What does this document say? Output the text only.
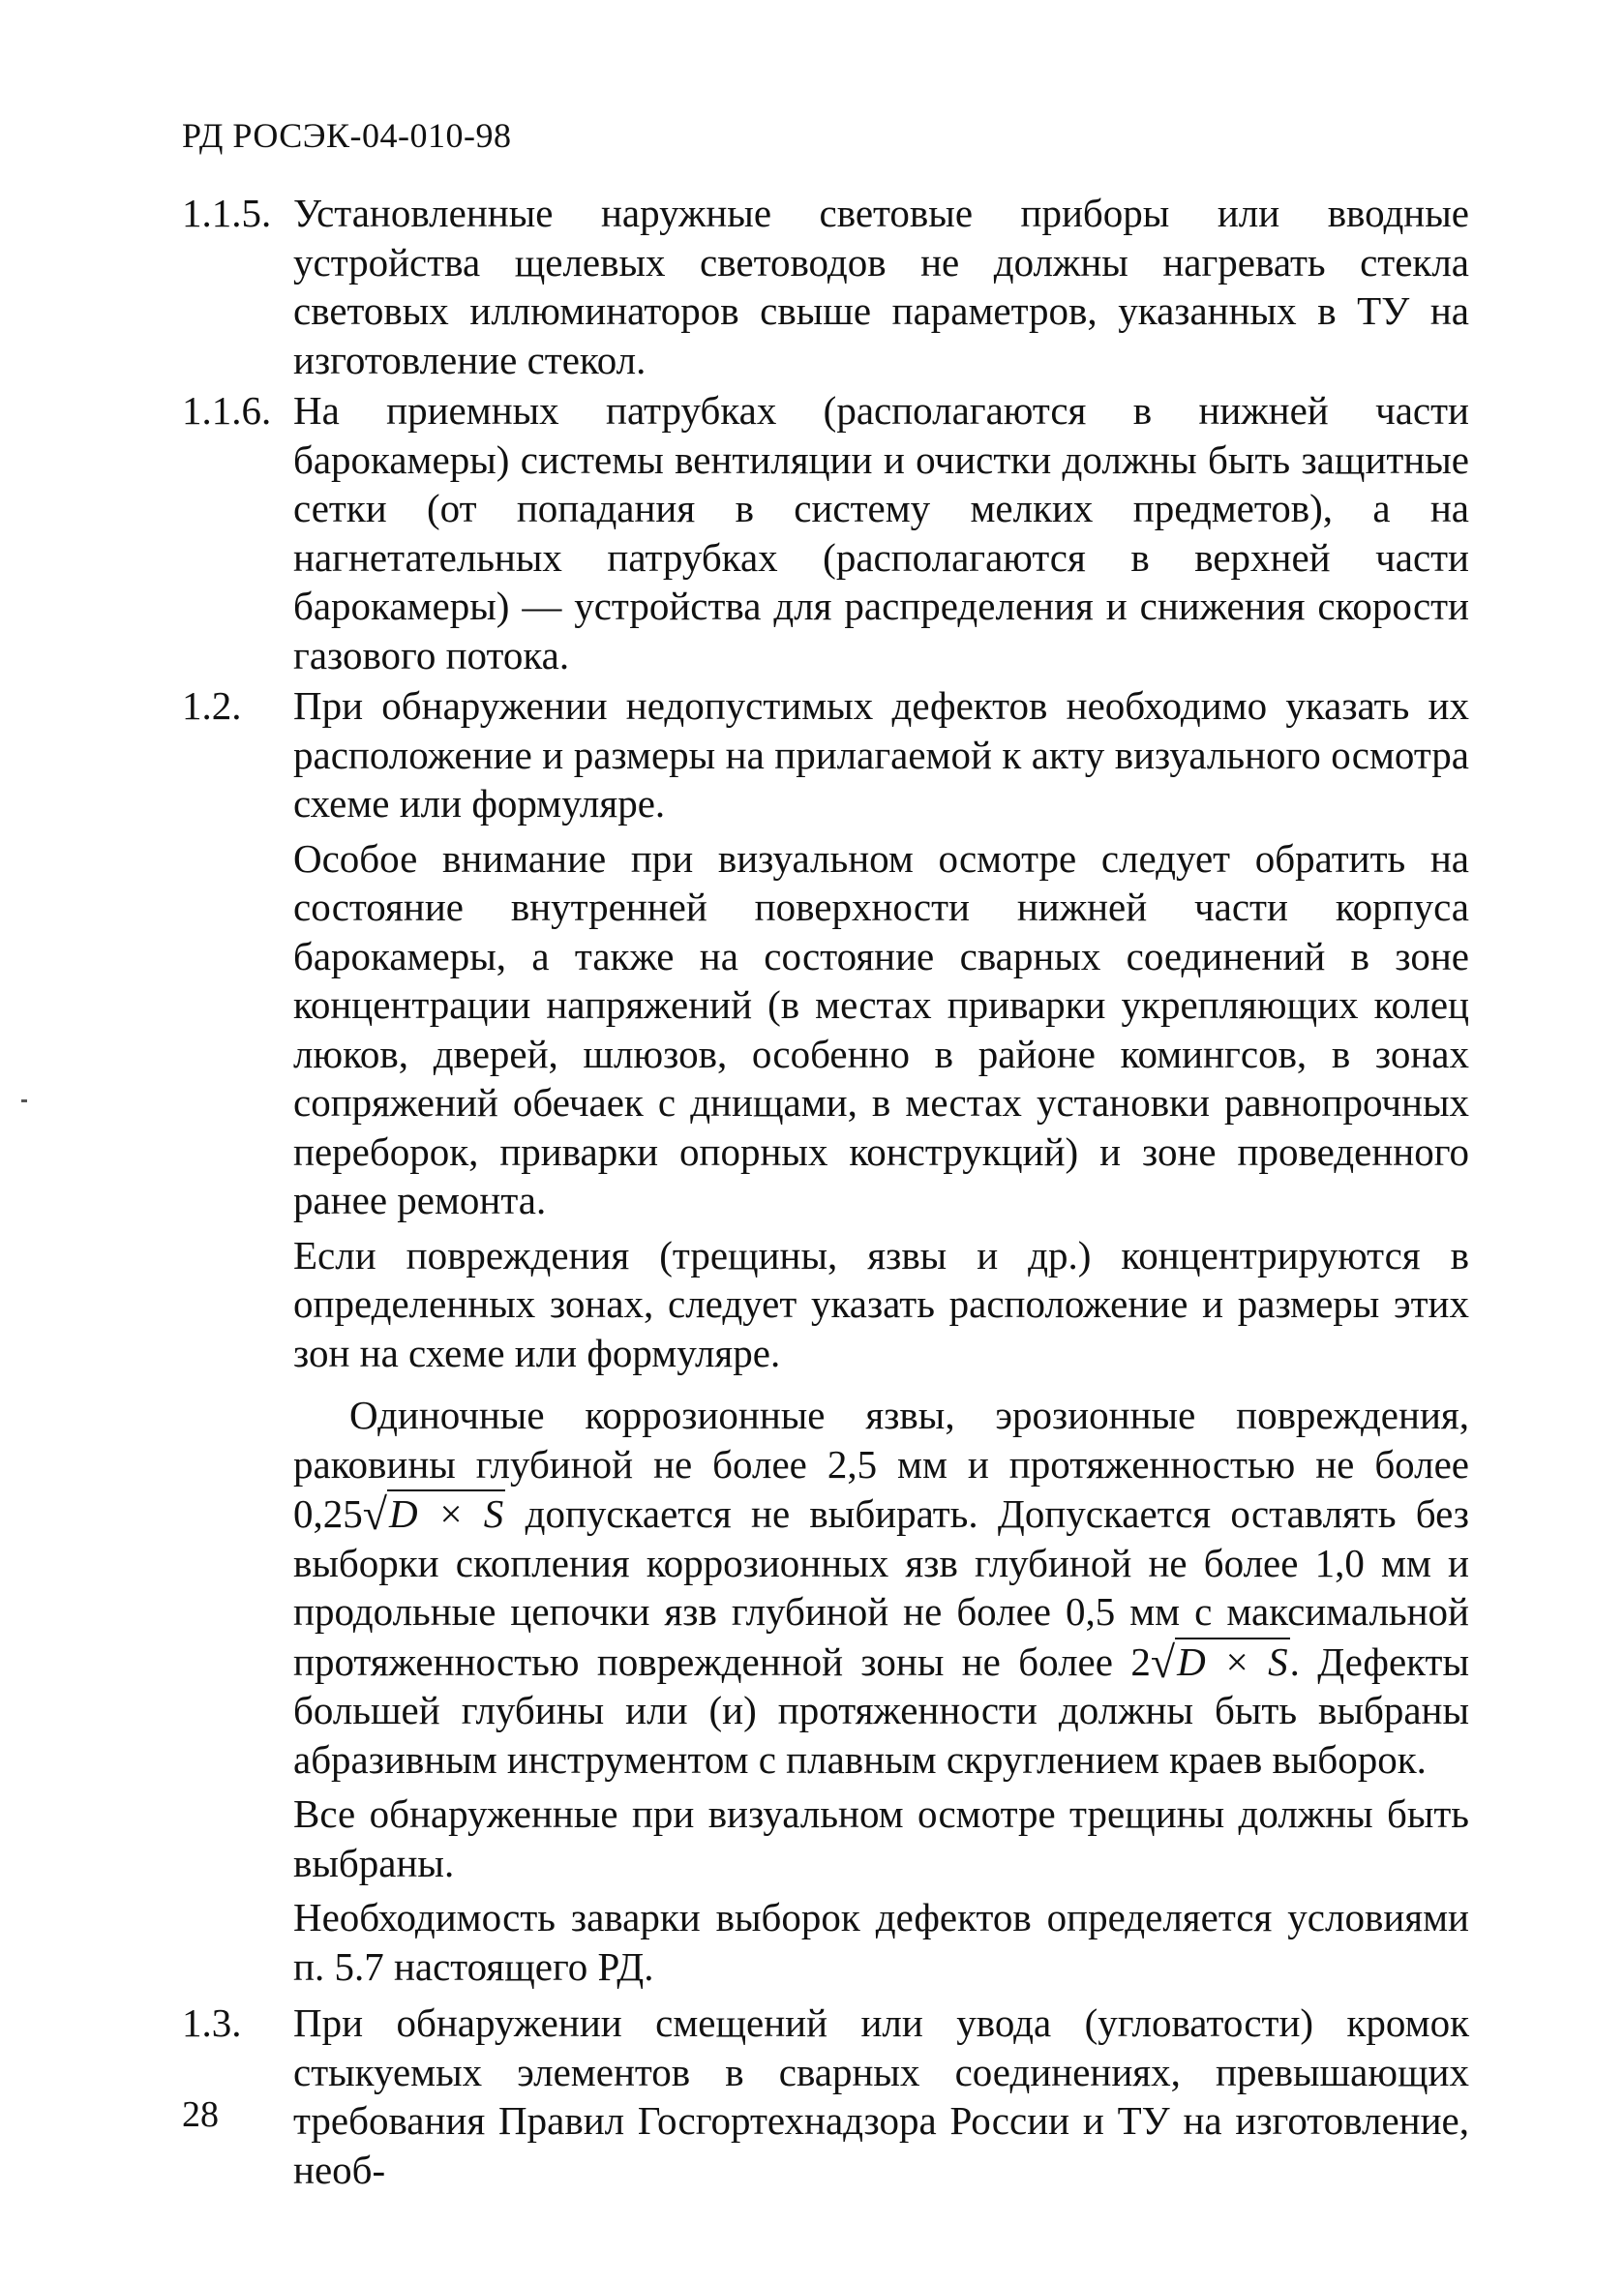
РД РОСЭК-04-010-98
1.1.5. Установленные наружные световые приборы или вводные устройства щелевых световодов не должны нагревать стекла световых иллюминаторов свыше параметров, указанных в ТУ на изготовление стекол.
1.1.6. На приемных патрубках (располагаются в нижней части барокамеры) системы вентиляции и очистки должны быть защитные сетки (от попадания в систему мелких предметов), а на нагнетательных патрубках (располагаются в верхней части барокамеры) — устройства для распределения и снижения скорости газового потока.
1.2. При обнаружении недопустимых дефектов необходимо указать их расположение и размеры на прилагаемой к акту визуального осмотра схеме или формуляре.

Особое внимание при визуальном осмотре следует обратить на состояние внутренней поверхности нижней части корпуса барокамеры, а также на состояние сварных соединений в зоне концентрации напряжений (в местах приварки укрепляющих колец люков, дверей, шлюзов, особенно в районе комингсов, в зонах сопряжений обечаек с днищами, в местах установки равнопрочных переборок, приварки опорных конструкций) и зоне проведенного ранее ремонта.

Если повреждения (трещины, язвы и др.) концентрируются в определенных зонах, следует указать расположение и размеры этих зон на схеме или формуляре.

Одиночные коррозионные язвы, эрозионные повреждения, раковины глубиной не более 2,5 мм и протяженностью не более 0,25√D × S допускается не выбирать. Допускается оставлять без выборки скопления коррозионных язв глубиной не более 1,0 мм и продольные цепочки язв глубиной не более 0,5 мм с максимальной протяженностью поврежденной зоны не более 2√D × S. Дефекты большей глубины или (и) протяженности должны быть выбраны абразивным инструментом с плавным скруглением краев выборок.

Все обнаруженные при визуальном осмотре трещины должны быть выбраны.

Необходимость заварки выборок дефектов определяется условиями п. 5.7 настоящего РД.

1.3. При обнаружении смещений или увода (угловатости) кромок стыкуемых элементов в сварных соединениях, превышающих требования Правил Госгортехнадзора России и ТУ на изготовление, необ-
28
